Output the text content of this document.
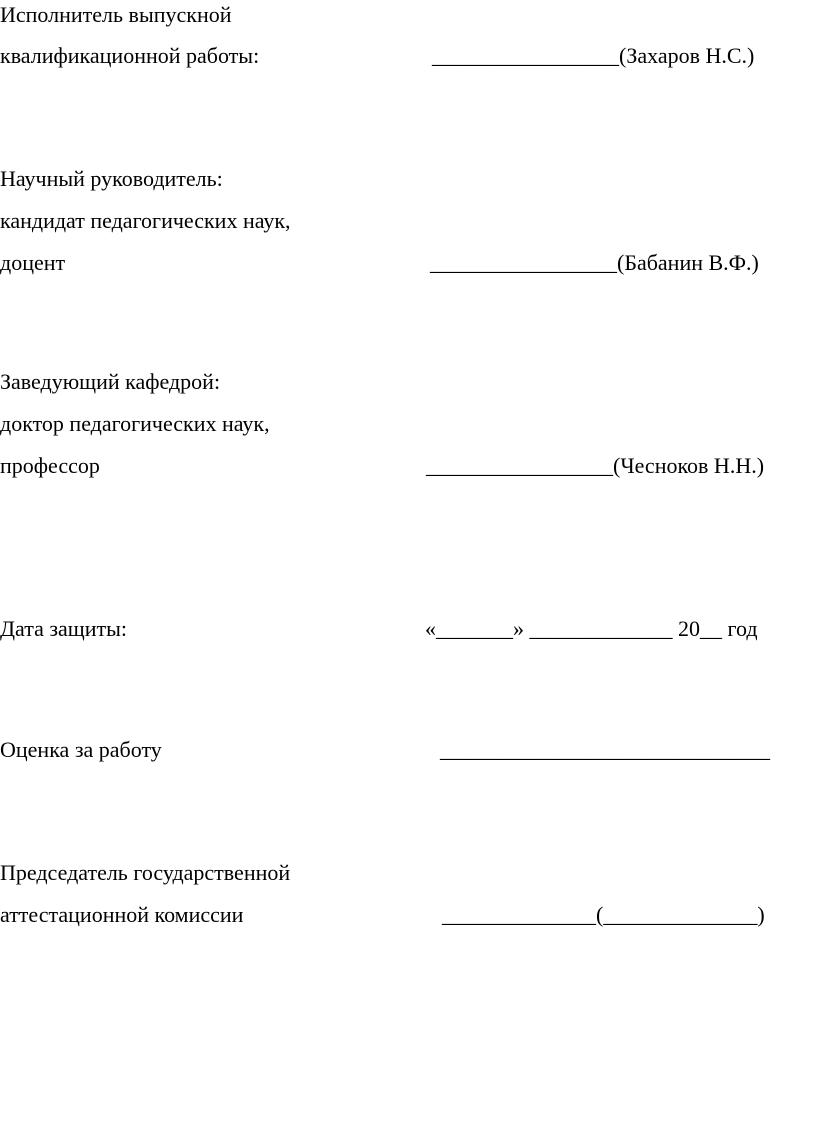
Исполнитель выпускной
квалификационной работы:	_________________(Захаров Н.С.)
Научный руководитель:
кандидат педагогических наук,
доцент	_________________(Бабанин В.Ф.)
Заведующий кафедрой:
доктор педагогических наук,
профессор	_________________(Чесноков Н.Н.)
Дата защиты:	«_______» _____________ 20__ год
Оценка за работу	______________________________
Председатель государственной
аттестационной комиссии	______________(______________)
